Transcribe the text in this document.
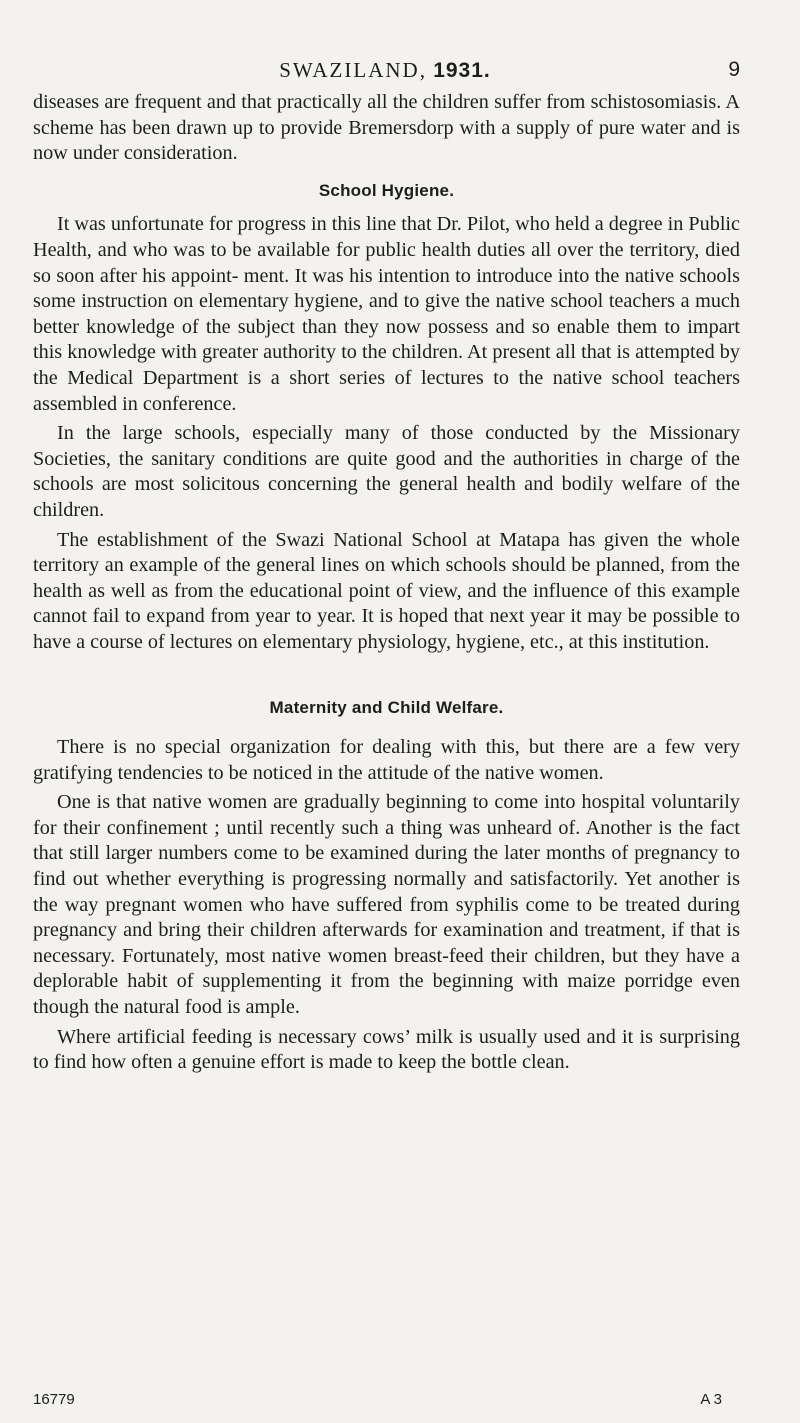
SWAZILAND, 1931.	9

diseases are frequent and that practically all the children suffer from schistosomiasis. A scheme has been drawn up to provide Bremersdorp with a supply of pure water and is now under consideration.

School Hygiene.

It was unfortunate for progress in this line that Dr. Pilot, who held a degree in Public Health, and who was to be available for public health duties all over the territory, died so soon after his appoint- ment. It was his intention to introduce into the native schools some instruction on elementary hygiene, and to give the native school teachers a much better knowledge of the subject than they now possess and so enable them to impart this knowledge with greater authority to the children. At present all that is attempted by the Medical Department is a short series of lectures to the native school teachers assembled in conference.

In the large schools, especially many of those conducted by the Missionary Societies, the sanitary conditions are quite good and the authorities in charge of the schools are most solicitous concerning the general health and bodily welfare of the children.

The establishment of the Swazi National School at Matapa has given the whole territory an example of the general lines on which schools should be planned, from the health as well as from the educational point of view, and the influence of this example cannot fail to expand from year to year. It is hoped that next year it may be possible to have a course of lectures on elementary physiology, hygiene, etc., at this institution.

Maternity and Child Welfare.

There is no special organization for dealing with this, but there are a few very gratifying tendencies to be noticed in the attitude of the native women.

One is that native women are gradually beginning to come into hospital voluntarily for their confinement ; until recently such a thing was unheard of. Another is the fact that still larger numbers come to be examined during the later months of pregnancy to find out whether everything is progressing normally and satisfactorily. Yet another is the way pregnant women who have suffered from syphilis come to be treated during pregnancy and bring their children afterwards for examination and treatment, if that is necessary. Fortunately, most native women breast-feed their children, but they have a deplorable habit of supplementing it from the beginning with maize porridge even though the natural food is ample.

Where artificial feeding is necessary cows’ milk is usually used and it is surprising to find how often a genuine effort is made to keep the bottle clean.

16779	A 3
